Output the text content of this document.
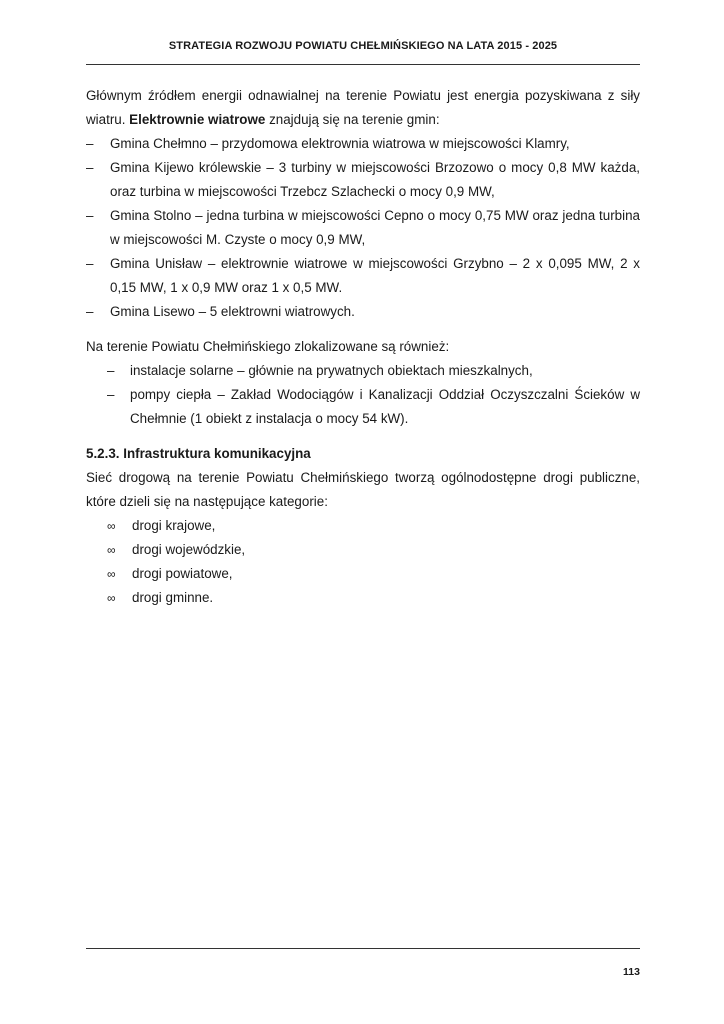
STRATEGIA ROZWOJU POWIATU CHEŁMIŃSKIEGO NA LATA 2015 - 2025

Głównym źródłem energii odnawialnej na terenie Powiatu jest energia pozyskiwana z siły wiatru. Elektrownie wiatrowe znajdują się na terenie gmin:

–	Gmina Chełmno – przydomowa elektrownia wiatrowa w miejscowości Klamry,
–	Gmina Kijewo królewskie – 3 turbiny w miejscowości Brzozowo o mocy 0,8 MW każda, oraz turbina w miejscowości Trzebcz Szlachecki o mocy 0,9 MW,
–	Gmina Stolno – jedna turbina w miejscowości Cepno o mocy 0,75 MW oraz jedna turbina w miejscowości M. Czyste o mocy 0,9 MW,
–	Gmina Unisław – elektrownie wiatrowe w miejscowości Grzybno – 2 x 0,095 MW, 2 x 0,15 MW, 1 x 0,9 MW oraz 1 x 0,5 MW.
–	Gmina Lisewo – 5 elektrowni wiatrowych.

Na terenie Powiatu Chełmińskiego zlokalizowane są również:

– instalacje solarne – głównie na prywatnych obiektach mieszkalnych,
– pompy ciepła – Zakład Wodociągów i Kanalizacji Oddział Oczyszczalni Ścieków w Chełmnie (1 obiekt z instalacja o mocy 54 kW).

5.2.3. Infrastruktura komunikacyjna

Sieć drogową na terenie Powiatu Chełmińskiego tworzą ogólnodostępne drogi publiczne, które dzieli się na następujące kategorie:

∞ drogi krajowe,
∞ drogi wojewódzkie,
∞ drogi powiatowe,
∞ drogi gminne.
113
